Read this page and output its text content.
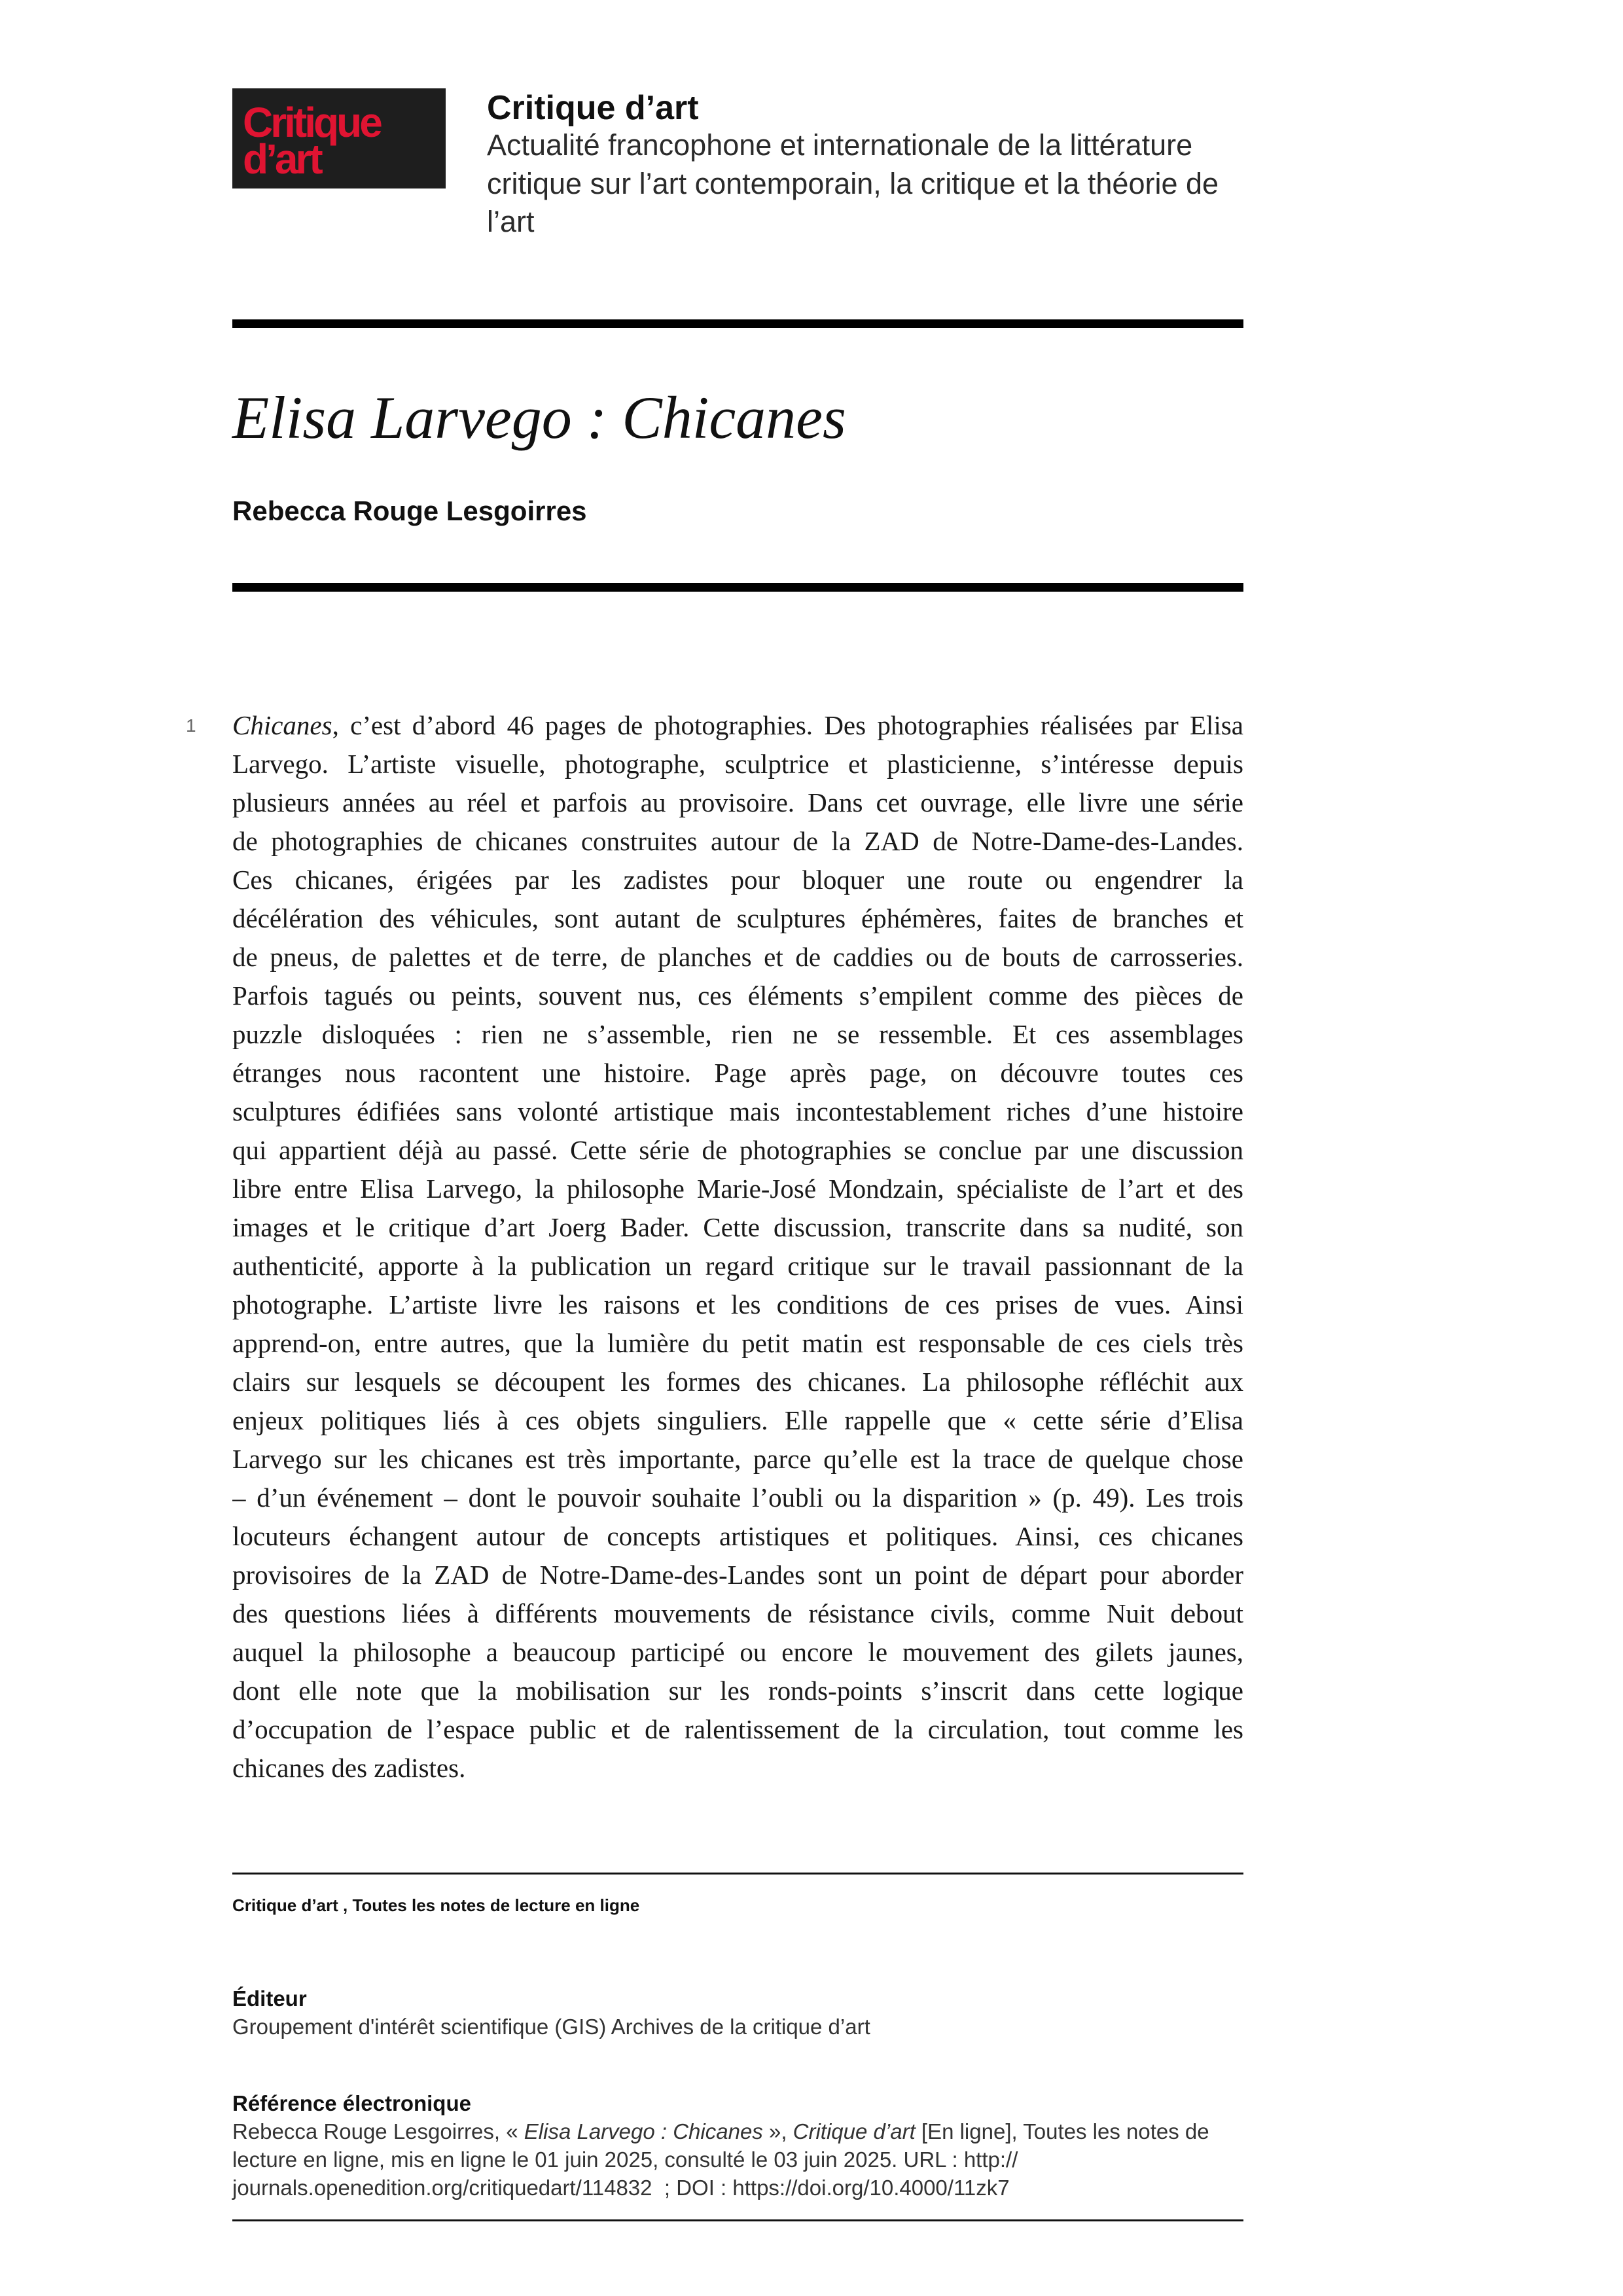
Critique
d’art
Critique d’art
Actualité francophone et internationale de la littérature
critique sur l’art contemporain, la critique et la théorie de
l’art
Elisa Larvego : Chicanes
Rebecca Rouge Lesgoirres
1 Chicanes, c’est d’abord 46 pages de photographies. Des photographies réalisées par Elisa
Larvego. L’artiste visuelle, photographe, sculptrice et plasticienne, s’intéresse depuis
plusieurs années au réel et parfois au provisoire. Dans cet ouvrage, elle livre une série
de photographies de chicanes construites autour de la ZAD de Notre-Dame-des-Landes.
Ces chicanes, érigées par les zadistes pour bloquer une route ou engendrer la
décélération des véhicules, sont autant de sculptures éphémères, faites de branches et
de pneus, de palettes et de terre, de planches et de caddies ou de bouts de carrosseries.
Parfois tagués ou peints, souvent nus, ces éléments s’empilent comme des pièces de
puzzle disloquées : rien ne s’assemble, rien ne se ressemble. Et ces assemblages
étranges nous racontent une histoire. Page après page, on découvre toutes ces
sculptures édifiées sans volonté artistique mais incontestablement riches d’une histoire
qui appartient déjà au passé. Cette série de photographies se conclue par une discussion
libre entre Elisa Larvego, la philosophe Marie-José Mondzain, spécialiste de l’art et des
images et le critique d’art Joerg Bader. Cette discussion, transcrite dans sa nudité, son
authenticité, apporte à la publication un regard critique sur le travail passionnant de la
photographe. L’artiste livre les raisons et les conditions de ces prises de vues. Ainsi
apprend-on, entre autres, que la lumière du petit matin est responsable de ces ciels très
clairs sur lesquels se découpent les formes des chicanes. La philosophe réfléchit aux
enjeux politiques liés à ces objets singuliers. Elle rappelle que « cette série d’Elisa
Larvego sur les chicanes est très importante, parce qu’elle est la trace de quelque chose
– d’un événement – dont le pouvoir souhaite l’oubli ou la disparition » (p. 49). Les trois
locuteurs échangent autour de concepts artistiques et politiques. Ainsi, ces chicanes
provisoires de la ZAD de Notre-Dame-des-Landes sont un point de départ pour aborder
des questions liées à différents mouvements de résistance civils, comme Nuit debout
auquel la philosophe a beaucoup participé ou encore le mouvement des gilets jaunes,
dont elle note que la mobilisation sur les ronds-points s’inscrit dans cette logique
d’occupation de l’espace public et de ralentissement de la circulation, tout comme les
chicanes des zadistes.
Critique d’art , Toutes les notes de lecture en ligne
Éditeur
Groupement d'intérêt scientifique (GIS) Archives de la critique d’art
Référence électronique
Rebecca Rouge Lesgoirres, « Elisa Larvego : Chicanes », Critique d’art [En ligne], Toutes les notes de
lecture en ligne, mis en ligne le 01 juin 2025, consulté le 03 juin 2025. URL : http://
journals.openedition.org/critiquedart/114832  ; DOI : https://doi.org/10.4000/11zk7
